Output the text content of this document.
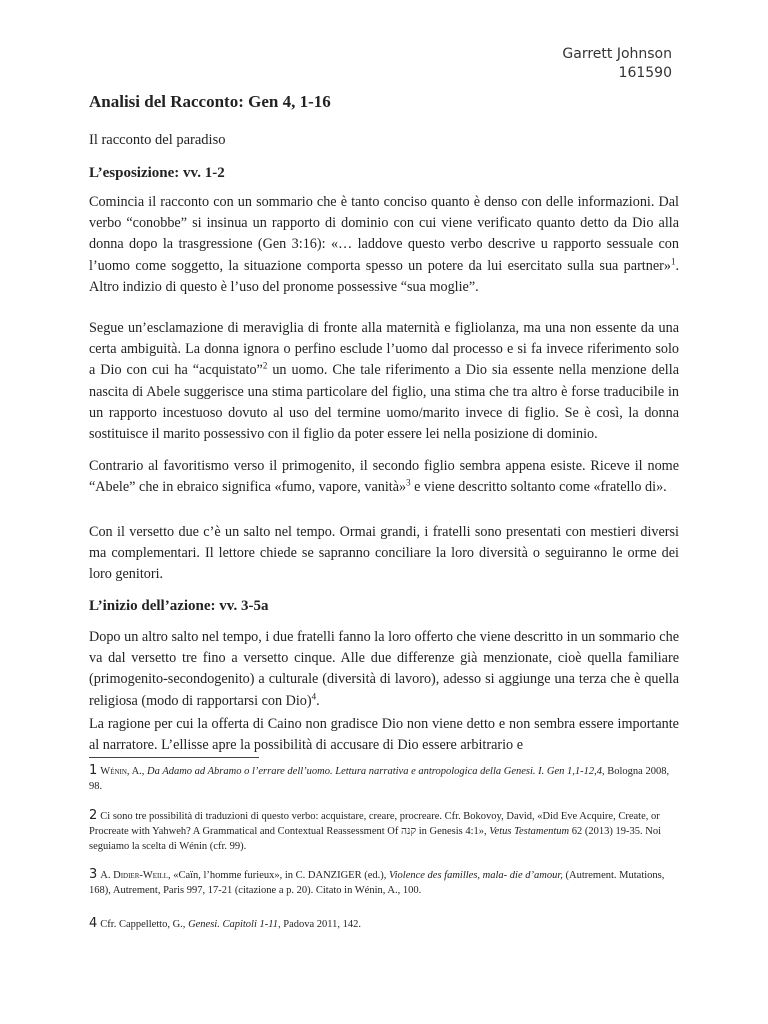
Garrett Johnson
161590
Analisi del Racconto: Gen 4, 1-16

Il racconto del paradiso

L’esposizione: vv. 1-2

Comincia il racconto con un sommario che è tanto conciso quanto è denso con delle informazioni. Dal verbo “conobbe” si insinua un rapporto di dominio con cui viene verificato quanto detto da Dio alla donna dopo la trasgressione (Gen 3:16): «… laddove questo verbo descrive u rapporto sessuale con l’uomo come soggetto, la situazione comporta spesso un potere da lui esercitato sulla sua partner»$^1$. Altro indizio di questo è l’uso del pronome possessive “sua moglie”.

Segue un’esclamazione di meraviglia di fronte alla maternità e figliolanza, ma una non essente da una certa ambiguità. La donna ignora o perfino esclude l’uomo dal processo e si fa invece riferimento solo a Dio con cui ha “acquistato”$^2$ un uomo. Che tale riferimento a Dio sia essente nella menzione della nascita di Abele suggerisce una stima particolare del figlio, una stima che tra altro è forse traducibile in un rapporto incestuoso dovuto al uso del termine uomo/marito invece di figlio. Se è così, la donna sostituisce il marito possessivo con il figlio da poter essere lei nella posizione di dominio.

Contrario al favoritismo verso il primogenito, il secondo figlio sembra appena esiste. Riceve il nome “Abele” che in ebraico significa «fumo, vapore, vanità»$^3$ e viene descritto soltanto come «fratello di».

Con il versetto due c’è un salto nel tempo. Ormai grandi, i fratelli sono presentati con mestieri diversi ma complementari. Il lettore chiede se sapranno conciliare la loro diversità o seguiranno le orme dei loro genitori.

L’inizio dell’azione: vv. 3-5a

Dopo un altro salto nel tempo, i due fratelli fanno la loro offerto che viene descritto in un sommario che va dal versetto tre fino a versetto cinque. Alle due differenze già menzionate, cioè quella familiare (primogenito-secondogenito) a culturale (diversità di lavoro), adesso si aggiunge una terza che è quella religiosa (modo di rapportarsi con Dio)$^4$.

La ragione per cui la offerta di Caino non gradisce Dio non viene detto e non sembra essere importante al narratore. L’ellisse apre la possibilità di accusare di Dio essere arbitrario e

1 Wénin, A., Da Adamo ad Abramo o l’errare dell’uomo. Lettura narrativa e antropologica della Genesi. I. Gen 1,1-12,4, Bologna 2008, 98.

2 Ci sono tre possibilità di traduzioni di questo verbo: acquistare, creare, procreare. Cfr. Bokovoy, David, «Did Eve Acquire, Create, or Procreate with Yahweh? A Grammatical and Contextual Reassessment Of קנה in Genesis 4:1», Vetus Testamentum 62 (2013) 19-35. Noi seguiamo la scelta di Wénin (cfr. 99).

3 A. Didier-Weill, «Caïn, l’homme furieux», in C. DANZIGER (ed.), Violence des familles, mala- die d’amour, (Autrement. Mutations, 168), Autrement, Paris 997, 17-21 (citazione a p. 20). Citato in Wénin, A., 100.

4 Cfr. Cappelletto, G., Genesi. Capitoli 1-11, Padova 2011, 142.
